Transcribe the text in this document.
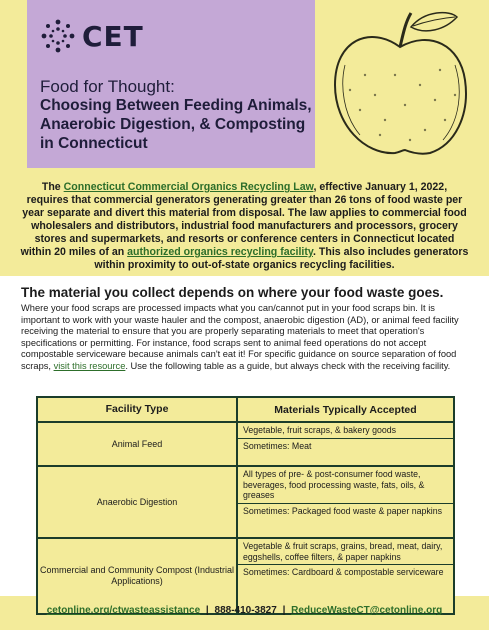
CET
Food for Thought:
Choosing Between Feeding Animals, Anaerobic Digestion, & Composting in Connecticut
The Connecticut Commercial Organics Recycling Law, effective January 1, 2022, requires that commercial generators generating greater than 26 tons of food waste per year separate and divert this material from disposal. The law applies to commercial food wholesalers and distributors, industrial food manufacturers and processors, grocery stores and supermarkets, and resorts or conference centers in Connecticut located within 20 miles of an authorized organics recycling facility. This also includes generators within proximity to out-of-state organics recycling facilities.
The material you collect depends on where your food waste goes.
Where your food scraps are processed impacts what you can/cannot put in your food scraps bin. It is important to work with your waste hauler and the compost, anaerobic digestion (AD), or animal feed facility receiving the material to ensure that you are properly separating materials to meet that operation's specifications or permitting. For instance, food scraps sent to animal feed operations do not accept compostable serviceware because animals can't eat it! For specific guidance on source separation of food scraps, visit this resource. Use the following table as a guide, but always check with the receiving facility.
Facility Type	Materials Typically Accepted
Animal Feed
Vegetable, fruit scraps, & bakery goods
Sometimes: Meat
Anaerobic Digestion
All types of pre- & post-consumer food waste, beverages, food processing waste, fats, oils, & greases
Sometimes: Packaged food waste & paper napkins
Commercial and Community Compost (Industrial Applications)
Vegetable & fruit scraps, grains, bread, meat, dairy, eggshells, coffee filters, & paper napkins
Sometimes: Cardboard & compostable serviceware
cetonline.org/ctwasteassistance | 888-410-3827 | ReduceWasteCT@cetonline.org
